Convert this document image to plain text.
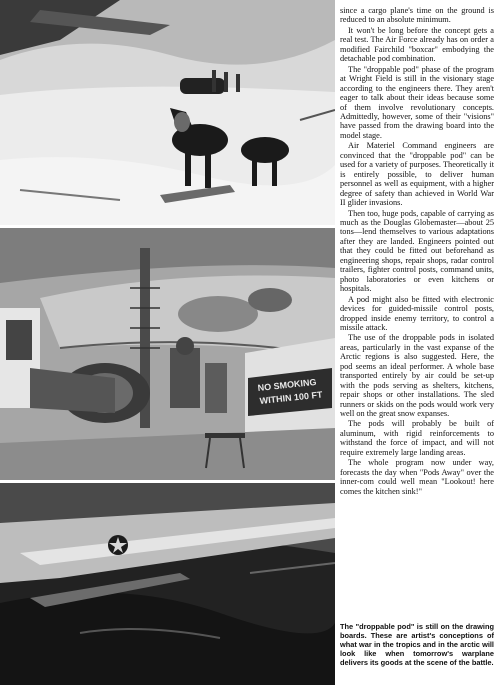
NO SMOKING
WITHIN 100 FT

since a cargo plane's time on the ground is reduced to an absolute minimum.

It won't be long before the concept gets a real test. The Air Force already has on order a modified Fairchild "boxcar" embodying the detachable pod combination.

The "droppable pod" phase of the program at Wright Field is still in the visionary stage according to the engineers there. They aren't eager to talk about their ideas because some of them involve revolutionary concepts. Admittedly, however, some of their "visions" have passed from the drawing board into the model stage.

Air Materiel Command engineers are convinced that the "droppable pod" can be used for a variety of purposes. Theoretically it is entirely possible, to deliver human personnel as well as equipment, with a higher degree of safety than achieved in World War II glider invasions.

Then too, huge pods, capable of carrying as much as the Douglas Globemaster—about 25 tons—lend themselves to various adaptations after they are landed. Engineers pointed out that they could be fitted out beforehand as engineering shops, repair shops, radar control trailers, fighter control posts, command units, photo laboratories or even kitchens or hospitals.

A pod might also be fitted with electronic devices for guided-missile control posts, dropped inside enemy territory, to control a missile attack.

The use of the droppable pods in isolated areas, particularly in the vast expanse of the Arctic regions is also suggested. Here, the pod seems an ideal performer. A whole base transported entirely by air could be set-up with the pods serving as shelters, kitchens, repair shops or other installations. The sled runners or skids on the pods would work very well on the great snow expanses.

The pods will probably be built of aluminum, with rigid reinforcements to withstand the force of impact, and will not require extremely large landing areas.

The whole program now under way, forecasts the day when "Pods Away" over the inner-com could well mean "Lookout! here comes the kitchen sink!"

The "droppable pod" is still on the drawing boards. These are artist's conceptions of what war in the tropics and in the arctic will look like when tomorrow's warplane delivers its goods at the scene of the battle.
